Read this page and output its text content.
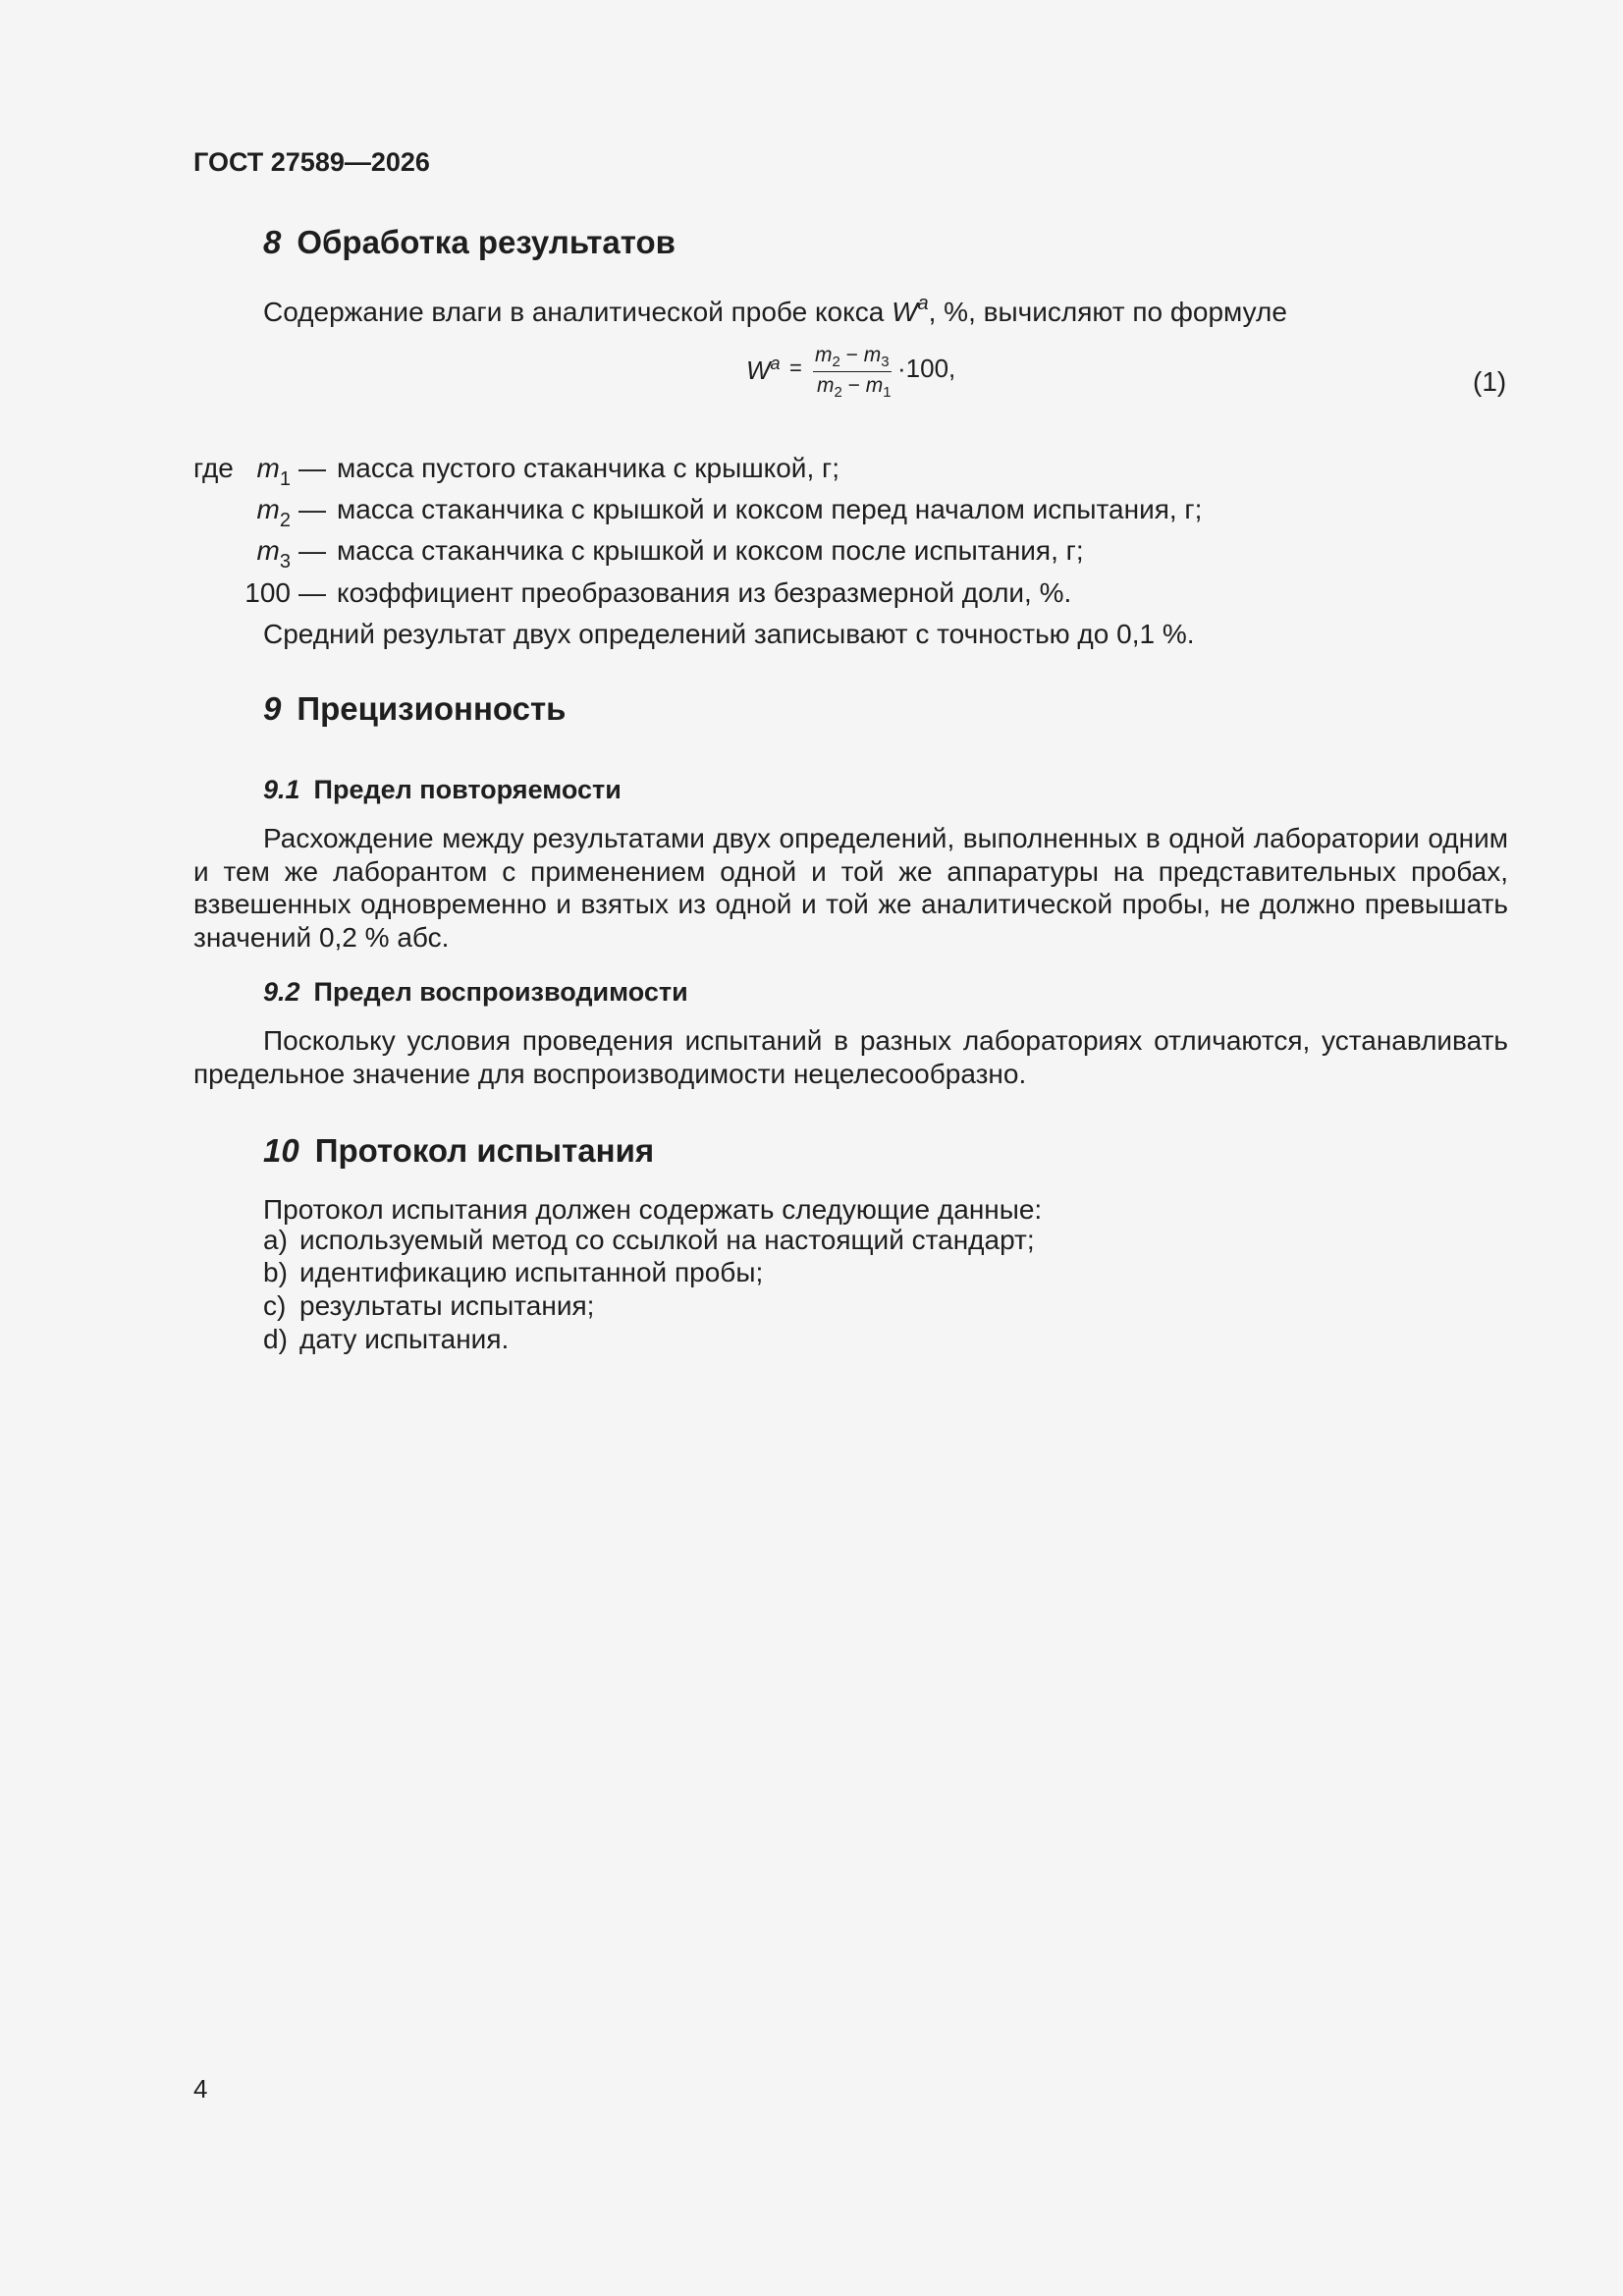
ГОСТ 27589—2026
8 Обработка результатов
Содержание влаги в аналитической пробе кокса $W^a$, %, вычисляют по формуле
$W^a$ =
$m_2 - m_3$
$m_2 - m_1$
·100,	(1)
где $m_1$ — масса пустого стаканчика с крышкой, г;
$m_2$ — масса стаканчика с крышкой и коксом перед началом испытания, г;
$m_3$ — масса стаканчика с крышкой и коксом после испытания, г;
100 — коэффициент преобразования из безразмерной доли, %.
Средний результат двух определений записывают с точностью до 0,1 %.
9 Прецизионность
9.1 Предел повторяемости

Расхождение между результатами двух определений, выполненных в одной лаборатории одним и тем же лаборантом с применением одной и той же аппаратуры на представительных пробах, взвешенных одновременно и взятых из одной и той же аналитической пробы, не должно превышать значений 0,2 % абс.

9.2 Предел воспроизводимости

Поскольку условия проведения испытаний в разных лабораториях отличаются, устанавливать предельное значение для воспроизводимости нецелесообразно.

10 Протокол испытания
Протокол испытания должен содержать следующие данные:
a) используемый метод со ссылкой на настоящий стандарт;
b) идентификацию испытанной пробы;
c) результаты испытания;
d) дату испытания.
4
